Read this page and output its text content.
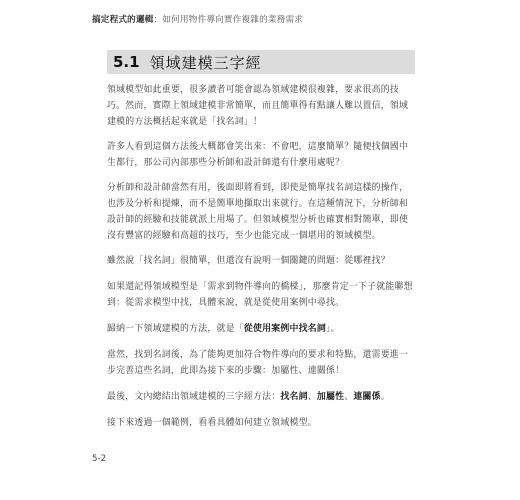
搞定程式的邏輯：如何用物件導向實作複雜的業務需求
5.1 領域建模三字經

領域模型如此重要，很多讀者可能會認為領域建模很複雜，要求很高的技巧。然而，實際上領域建模非常簡單，而且簡單得有點讓人難以置信，領域建模的方法概括起來就是「找名詞」！

許多人看到這個方法後大概都會笑出來：不會吧，這麼簡單？隨便找個國中生都行，那公司內部那些分析師和設計師還有什麼用處呢？

分析師和設計師當然有用，後面即將看到，即使是簡單找名詞這樣的操作，也涉及分析和提煉，而不是簡單地擷取出來就行。在這種情況下，分析師和設計師的經驗和技能就派上用場了。但領域模型分析也確實相對簡單，即使沒有豐富的經驗和高超的技巧，至少也能完成一個堪用的領域模型。

雖然說「找名詞」很簡單，但還沒有說明一個關鍵的問題：從哪裡找？

如果還記得領域模型是「需求到物件導向的橋樑」，那麼肯定一下子就能聯想到：從需求模型中找，具體來說，就是從使用案例中尋找。

歸納一下領域建模的方法，就是「從使用案例中找名詞」。

當然，找到名詞後，為了能夠更加符合物件導向的要求和特點，還需要進一步完善這些名詞，此即為接下來的步驟：加屬性、連關係！

最後，文內總結出領域建模的三字經方法：找名詞、加屬性、連關係。

接下來透過一個範例，看看具體如何建立領域模型。

5-2
